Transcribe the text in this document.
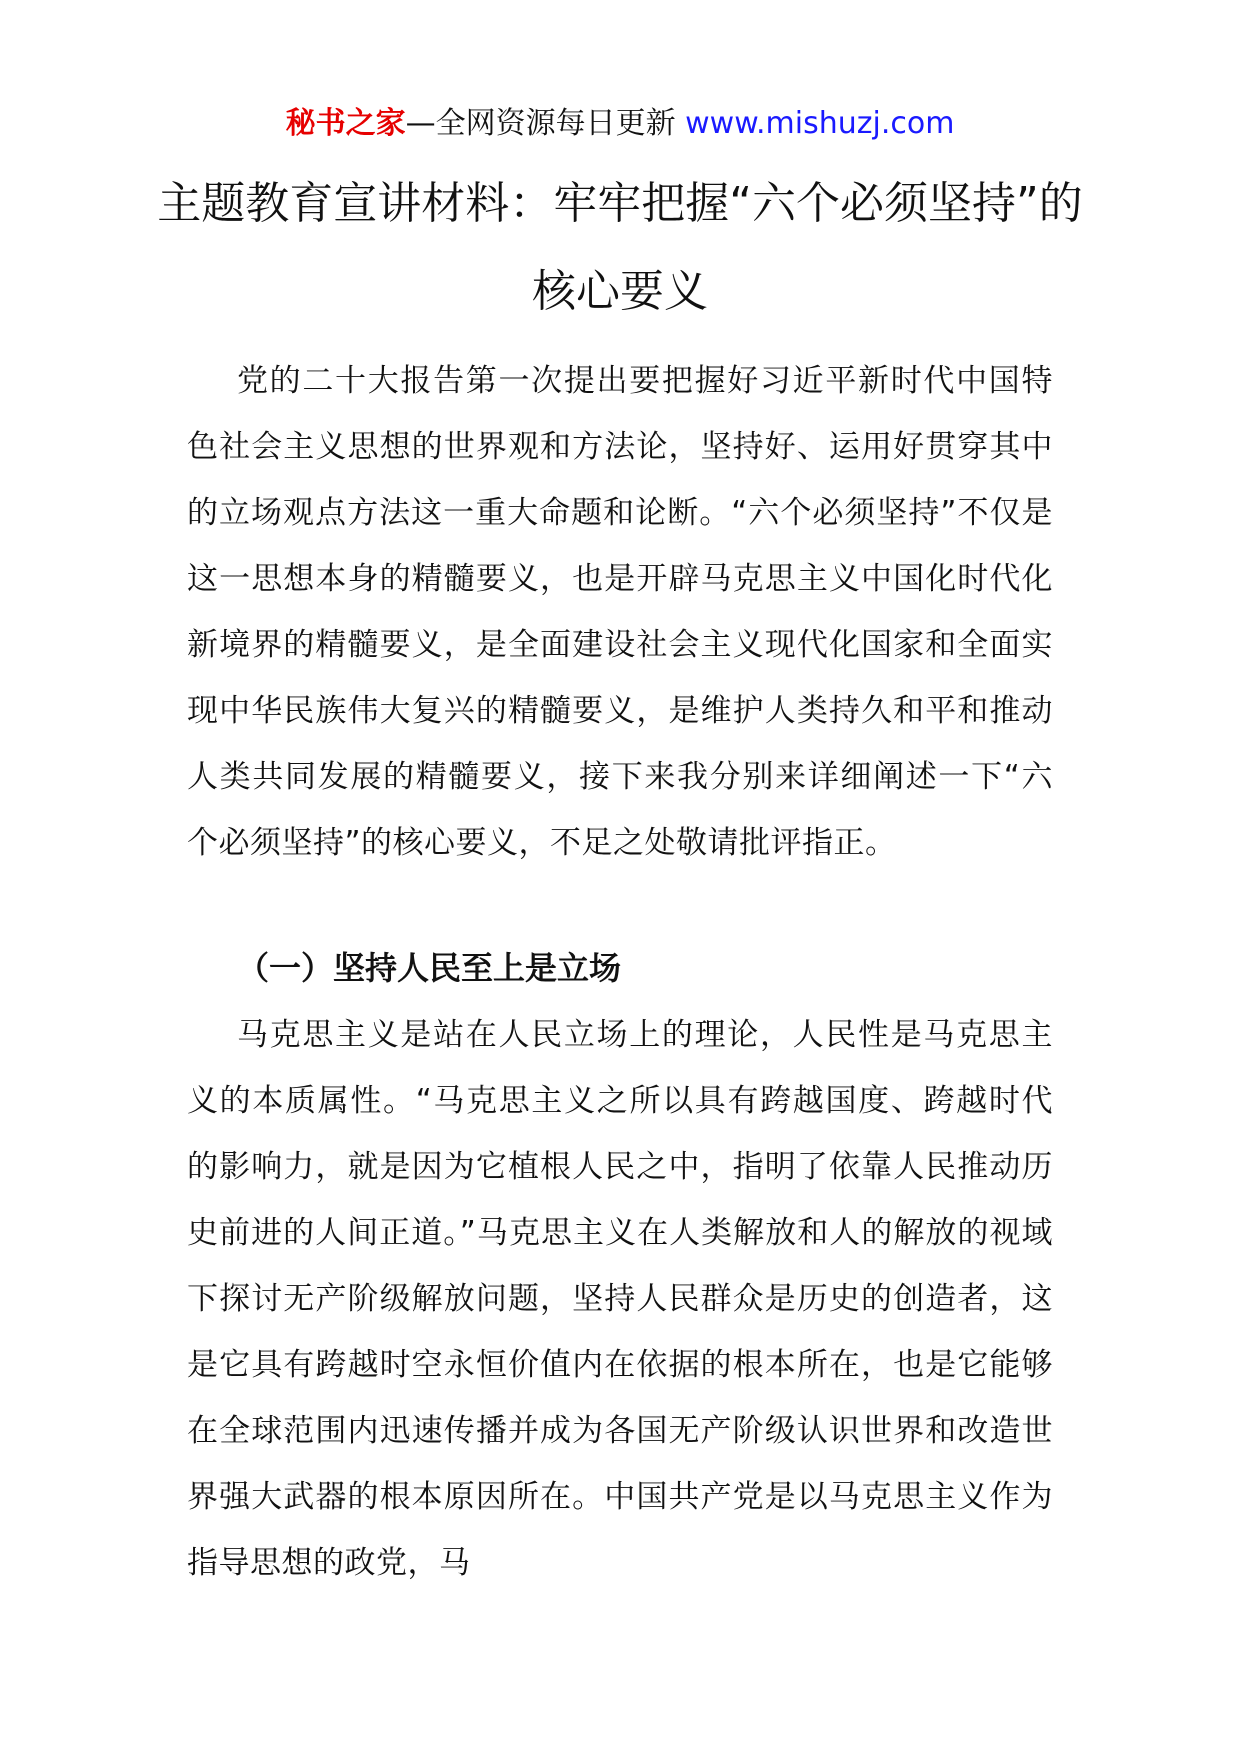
秘书之家—全网资源每日更新 www.mishuzj.com
主题教育宣讲材料：牢牢把握“六个必须坚持”的核心要义

党的二十大报告第一次提出要把握好习近平新时代中国特色社会主义思想的世界观和方法论，坚持好、运用好贯穿其中的立场观点方法这一重大命题和论断。“六个必须坚持”不仅是这一思想本身的精髓要义，也是开辟马克思主义中国化时代化新境界的精髓要义，是全面建设社会主义现代化国家和全面实现中华民族伟大复兴的精髓要义，是维护人类持久和平和推动人类共同发展的精髓要义，接下来我分别来详细阐述一下“六个必须坚持”的核心要义，不足之处敬请批评指正。

（一）坚持人民至上是立场

马克思主义是站在人民立场上的理论，人民性是马克思主义的本质属性。“马克思主义之所以具有跨越国度、跨越时代的影响力，就是因为它植根人民之中，指明了依靠人民推动历史前进的人间正道。”马克思主义在人类解放和人的解放的视域下探讨无产阶级解放问题，坚持人民群众是历史的创造者，这是它具有跨越时空永恒价值内在依据的根本所在，也是它能够在全球范围内迅速传播并成为各国无产阶级认识世界和改造世界强大武器的根本原因所在。中国共产党是以马克思主义作为指导思想的政党，马
